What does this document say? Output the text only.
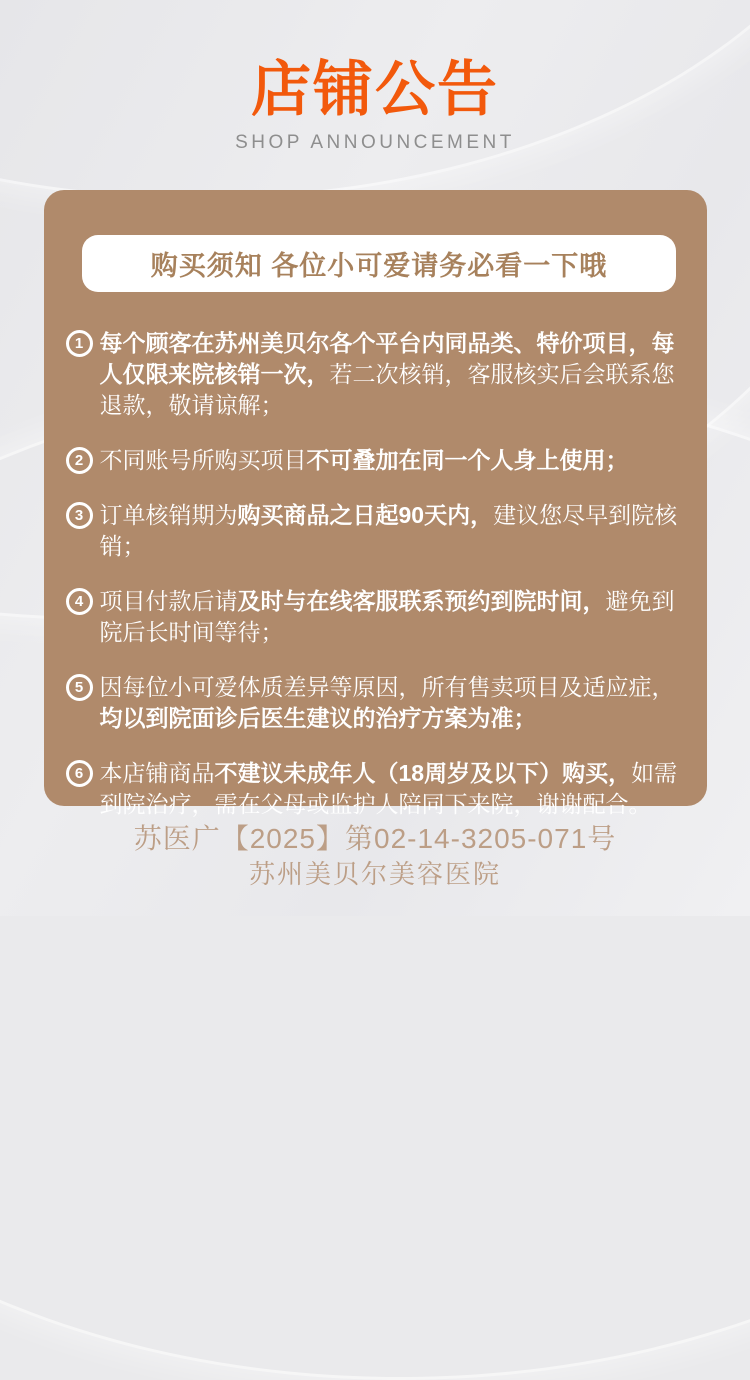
店铺公告
SHOP ANNOUNCEMENT
购买须知 各位小可爱请务必看一下哦
1 每个顾客在苏州美贝尔各个平台内同品类、特价项目，每人仅限来院核销一次，若二次核销，客服核实后会联系您退款，敬请谅解；

2 不同账号所购买项目不可叠加在同一个人身上使用；

3 订单核销期为购买商品之日起90天内，建议您尽早到院核销；

4 项目付款后请及时与在线客服联系预约到院时间，避免到院后长时间等待；

5 因每位小可爱体质差异等原因，所有售卖项目及适应症，均以到院面诊后医生建议的治疗方案为准；

6 本店铺商品不建议未成年人（18周岁及以下）购买，如需到院治疗，需在父母或监护人陪同下来院，谢谢配合。

苏医广【2025】第02-14-3205-071号
苏州美贝尔美容医院
